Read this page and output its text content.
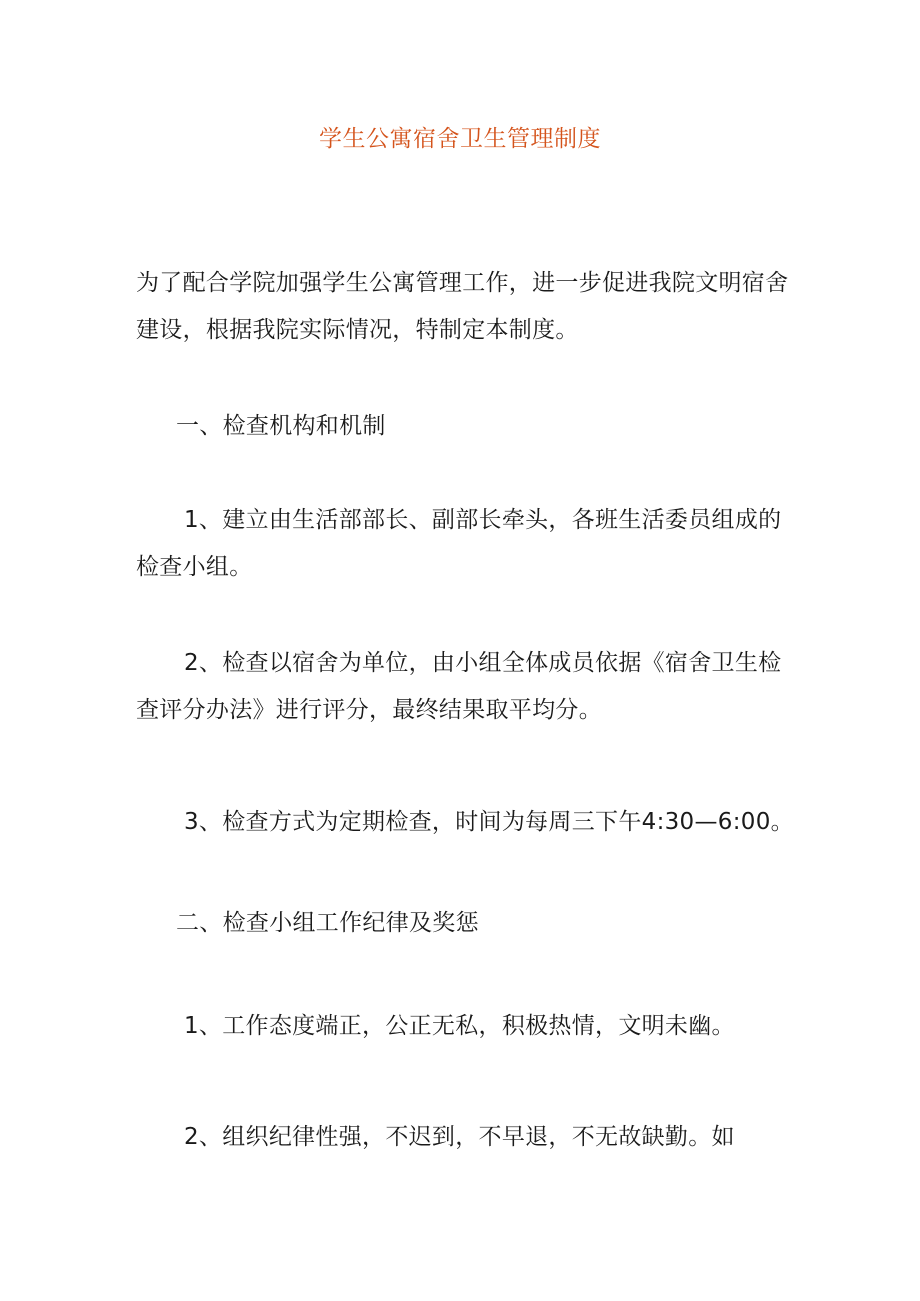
学生公寓宿舍卫生管理制度

为了配合学院加强学生公寓管理工作，进一步促进我院文明宿舍建设，根据我院实际情况，特制定本制度。

一、检查机构和机制

1、建立由生活部部长、副部长牵头，各班生活委员组成的检查小组。

2、检查以宿舍为单位，由小组全体成员依据《宿舍卫生检查评分办法》进行评分，最终结果取平均分。

3、检查方式为定期检查，时间为每周三下午4:30—6:00。

二、检查小组工作纪律及奖惩

1、工作态度端正，公正无私，积极热情，文明未幽。

2、组织纪律性强，不迟到，不早退，不无故缺勤。如
